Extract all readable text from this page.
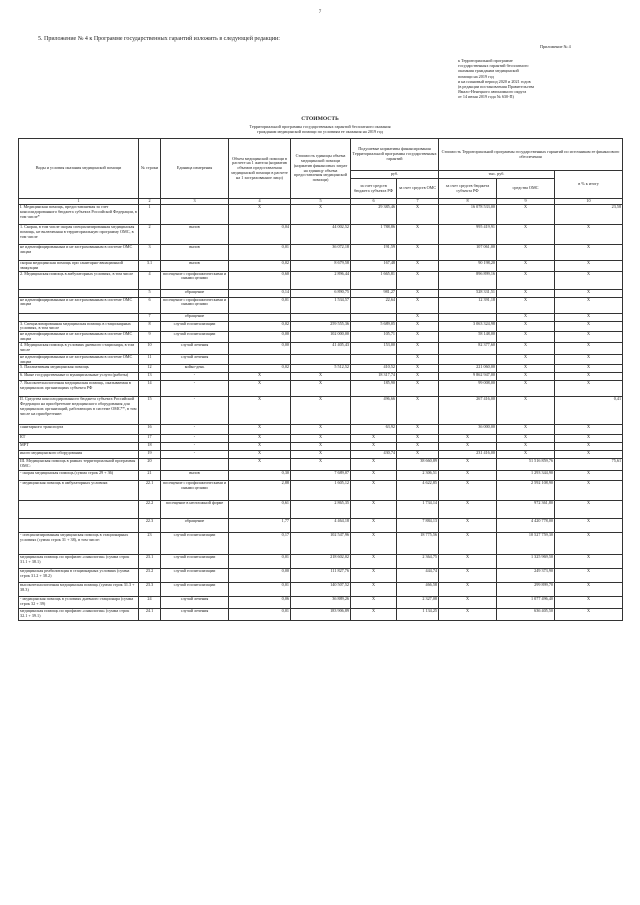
7
5. Приложение № 4 к Программе государственных гарантий изложить в следующей редакции:
Приложение № 4
к Территориальной программе
государственных гарантий бесплатного
оказания гражданам медицинской
помощи на 2019 год
и на плановый период 2020 и 2021 годов
(в редакции постановления Правительства
Ямало-Ненецкого автономного округа
от 14 июня 2019 года № 630-П)
СТОИМОСТЬ
Территориальной программы государственных гарантий бесплатного оказания
гражданам медицинской помощи по условиям ее оказания на 2019 год
Виды и условия оказания медицинской помощи	№ строки	Единица измерения	Объем медицинской помощи в расчете на 1 жителя (норматив объемов предоставления медицинской помощи в расчете на 1 застрахованное лицо)	Стоимость единицы объема медицинской помощи (норматив финансовых затрат на единицу объема предоставления медицинской помощи)	Подушевые нормативы финансирования Территориальной программы государственных гарантий		Стоимость Территориальной программы государственных гарантий по источникам ее финансового обеспечения		
					руб.		тыс. руб.		в % к итогу
					за счет средств бюджета субъекта РФ	за счет средств ОМС	за счет средств бюджета субъекта РФ	средства ОМС	
1	2	3	4	5	6	7	8	9	10
I. Медицинская помощь, предоставляемая за счет консолидированного бюджета субъекта Российской Федерации, в том числе*	1		X	X	29 385,46	X	16 078 533,00	X	23,58
1. Скорая, в том числе скорая специализированная медицинская помощь, не включенная в территориальную программу ОМС, в том числе	2	вызов	0,04	44 002,52	1 788,86	X	995 419,91	X	X
не идентифицированным и не застрахованным в системе ОМС лицам	3	вызов	0,01	36 072,18	191,59	X	107 061,00	X	X
скорая медицинская помощь при санитарно-авиационной эвакуации	3.1	вызов	0,02	8 679,58	167,48	X	90 198,20	X	X
2. Медицинская помощь в амбулаторных условиях, в том числе	4	посещение с профилактическими и иными целями	0,60	2 896,44	1 665,81	X	896 899,16	X	X
	5	обращение	0,14	6 890,75	981,27	X	528 331,51	X	X
не идентифицированным и не застрахованным в системе ОМС лицам	6	посещение с профилактическими и иными целями	0,01	1 534,57	22,64	X	12 391,18	X	X
	7	обращение				X		X	X
3. Специализированная медицинская помощь в стационарных условиях, в том числе	8	случай госпитализации	0,02	259 555,36	5 689,05	X	3 063 324,98	X	X
не идентифицированным и не застрахованным в системе ОМС лицам	9	случай госпитализации	0,00	102 000,00	105,71	X	58 148,00	X	X
4. Медицинская помощь в условиях дневного стационара, в том числе	10	случай лечения	0,00	41 405,43	153,00	X	82 377,60	X	X
не идентифицированным и не застрахованным в системе ОМС лицам	11	случай лечения				X		X	X
5. Паллиативная медицинская помощь	12	койко-день	0,02	5 512,52	410,52	X	221 060,00	X	X
6. Иные государственные и муниципальные услуги (работы)	13	-	X	X	18 317,74	X	9 862 947,00	X	X
7. Высокотехнологичная медицинская помощь, оказываемая в медицинских организациях субъекта РФ	14	-	X	X	185,90	X	99 008,00	X	X
II. Средства консолидированного бюджета субъекта Российской Федерации на приобретение медицинского оборудования для медицинских организаций, работающих в системе ОМС**, в том числе на приобретение:	15	-	X	X	496,66	X	267 416,00	X	0,41
санитарного транспорта	16	-	X	X	63,92	X	36 000,00	X	X
КТ	17	-	X	X	X	X	X	X	X
МРТ	18	-	X	X	X	X	X	X	X
иного медицинского оборудования	19	-	X	X	430,74	X	231 416,00	X	X
III. Медицинская помощь в рамках территориальной программы ОМС:	20		X	X	X	38 660,89	X	51 516 859,76	75,61
- скорая медицинская помощь (сумма строк 29 + 36)	21	вызов	0,30	7 689,07	X	2 306,51	X	1 293 344,90	X
- медицинская помощь в амбулаторных условиях	22.1	посещение с профилактическими и иными целями	2,88	1 605,12	X	4 622,85	X	2 592 108,90	X
	22.2	посещение в неотложной форме	0,61	2 865,35	X	1 734,14	X	972 361,80	X
	22.3	обращение	1,77	4 464,18	X	7 884,13	X	4 420 778,00	X
- специализированная медицинская помощь в стационарных условиях (сумма строк 31 + 38), в том числе:	23	случай госпитализации	0,17	102 547,96	X	18 775,56	X	10 527 759,30	X
медицинская помощь по профилю «онкология» (сумма строк 31.1 + 38.1)	23.1	случай госпитализации	0,01	218 602,02	X	2 364,75	X	1 325 969,50	X
медицинская реабилитация в стационарных условиях (сумма строк 31.2 + 38.2)	23.2	случай госпитализации	0,00	111 827,76	X	444,74	X	249 373,90	X
высокотехнологичная медицинская помощь (сумма строк 31.3 + 38.3)	23.3	случай госпитализации	0,01	140 507,52	X	466,58	X	299 899,70	X
- медицинская помощь в условиях дневного стационара (сумма строк 32 + 39)	24	случай лечения	0,06	36 889,26	X	2 327,08	X	1 077 496,40	X
медицинская помощь по профилю «онкология» (сумма строк 32.1 + 39.1)	24.1	случай лечения	0,01	183 906,89	X	1 134,25	X	636 405,50	X
